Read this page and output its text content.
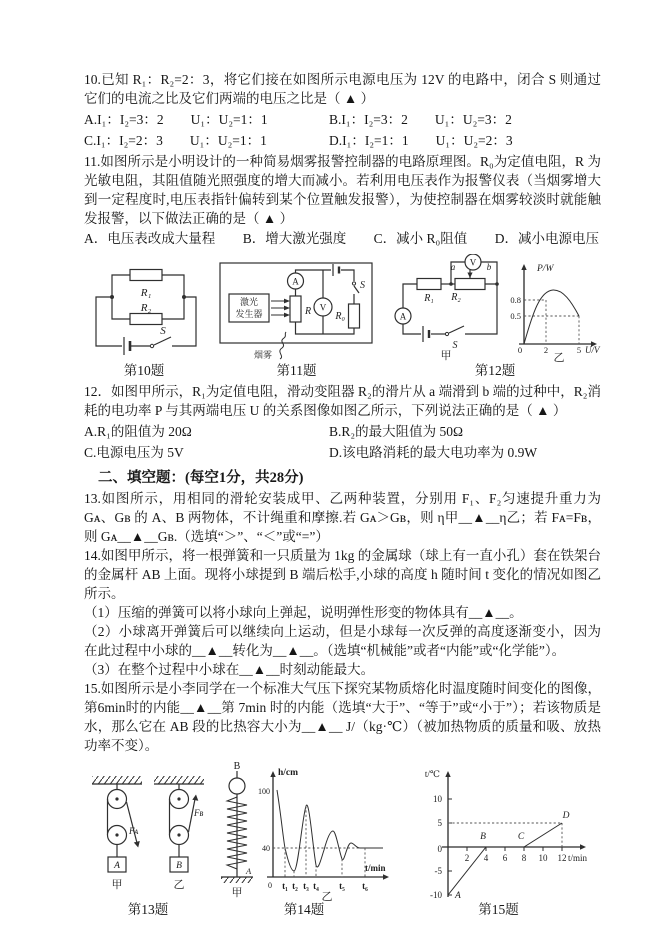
10.已知 R₁：R₂=2：3，将它们接在如图所示电源电压为 12V 的电路中，闭合 S 则通过它们的电流之比及它们两端的电压之比是（ ▲ ）

A.I₁：I₂=3：2　　U₁：U₂=1：1	B.I₁：I₂=3：2　　U₁：U₂=3：2
C.I₁：I₂=2：3　　U₁：U₂=1：1	D.I₁：I₂=1：1　　U₁：U₂=2：3

11.如图所示是小明设计的一种简易烟雾报警控制器的电路原理图。R₀为定值电阻，R 为光敏电阻，其阻值随光照强度的增大而减小。若利用电压表作为报警仪表（当烟雾增大到一定程度时,电压表指针偏转到某个位置触发报警），为使控制器在烟雾较淡时就能触发报警，以下做法正确的是（ ▲ ）

A．电压表改成大量程 B．增大激光强度 C．减小 R₀阻值 D．减小电源电压
R₁
R₂
S
第10题
激光
发生器	R
A
V
S
R₀
烟雾
第11题
R₁ R₂
a	b
V
A
S
甲
P/W
0.8
0.5
0	2	5 U/V
乙
第12题

12．如图甲所示，R₁为定值电阻，滑动变阻器 R₂的滑片从 a 端滑到 b 端的过种中，R₂消耗的电功率 P 与其两端电压 U 的关系图像如图乙所示，下列说法正确的是（ ▲ ）

A.R₁的阻值为 20Ω	B.R₂的最大阻值为 50Ω
C.电源电压为 5V	D.该电路消耗的最大电功率为 0.9W
二、填空题：(每空1分，共28分)

13.如图所示，用相同的滑轮安装成甲、乙两种装置，分别用 F₁、F₂匀速提升重力为 Gᴀ、Gʙ 的 A、B 两物体，不计绳重和摩擦.若 Gᴀ＞Gʙ，则 η甲__▲__η乙；若 Fᴀ=Fʙ，则 Gᴀ__▲__Gʙ.（选填“＞”、“＜”或“=”）

14.如图甲所示，将一根弹簧和一只质量为 1kg 的金属球（球上有一直小孔）套在铁架台的金属杆 AB 上面。现将小球提到 B 端后松手,小球的高度 h 随时间 t 变化的情况如图乙所示。

（1）压缩的弹簧可以将小球向上弹起，说明弹性形变的物体具有__▲__。

（2）小球离开弹簧后可以继续向上运动，但是小球每一次反弹的高度逐渐变小，因为在此过程中小球的__▲__转化为__▲__。（选填“机械能”或者“内能”或“化学能”）。

（3）在整个过程中小球在__▲__时刻动能最大。

15.如图所示是小李同学在一个标准大气压下探究某物质熔化时温度随时间变化的图像，第6min时的内能__▲__第 7min 时的内能（选填“大于”、“等于”或“小于”）；若该物质是水，那么它在 AB 段的比热容大小为__▲__ J/（kg·℃）（被加热物质的质量和吸、放热功率不变）。

Fᴀ
A
甲
Fʙ
B
乙
第13题
B
A
甲
h/cm
100
40
0 t₁ t₂ t₃ t₄ t₅ t₆
t/min
乙
第14题
t/℃
10
5
0
-5
-10
2 4 6 8 10 12 t/min
A
B	C
D
第15题
